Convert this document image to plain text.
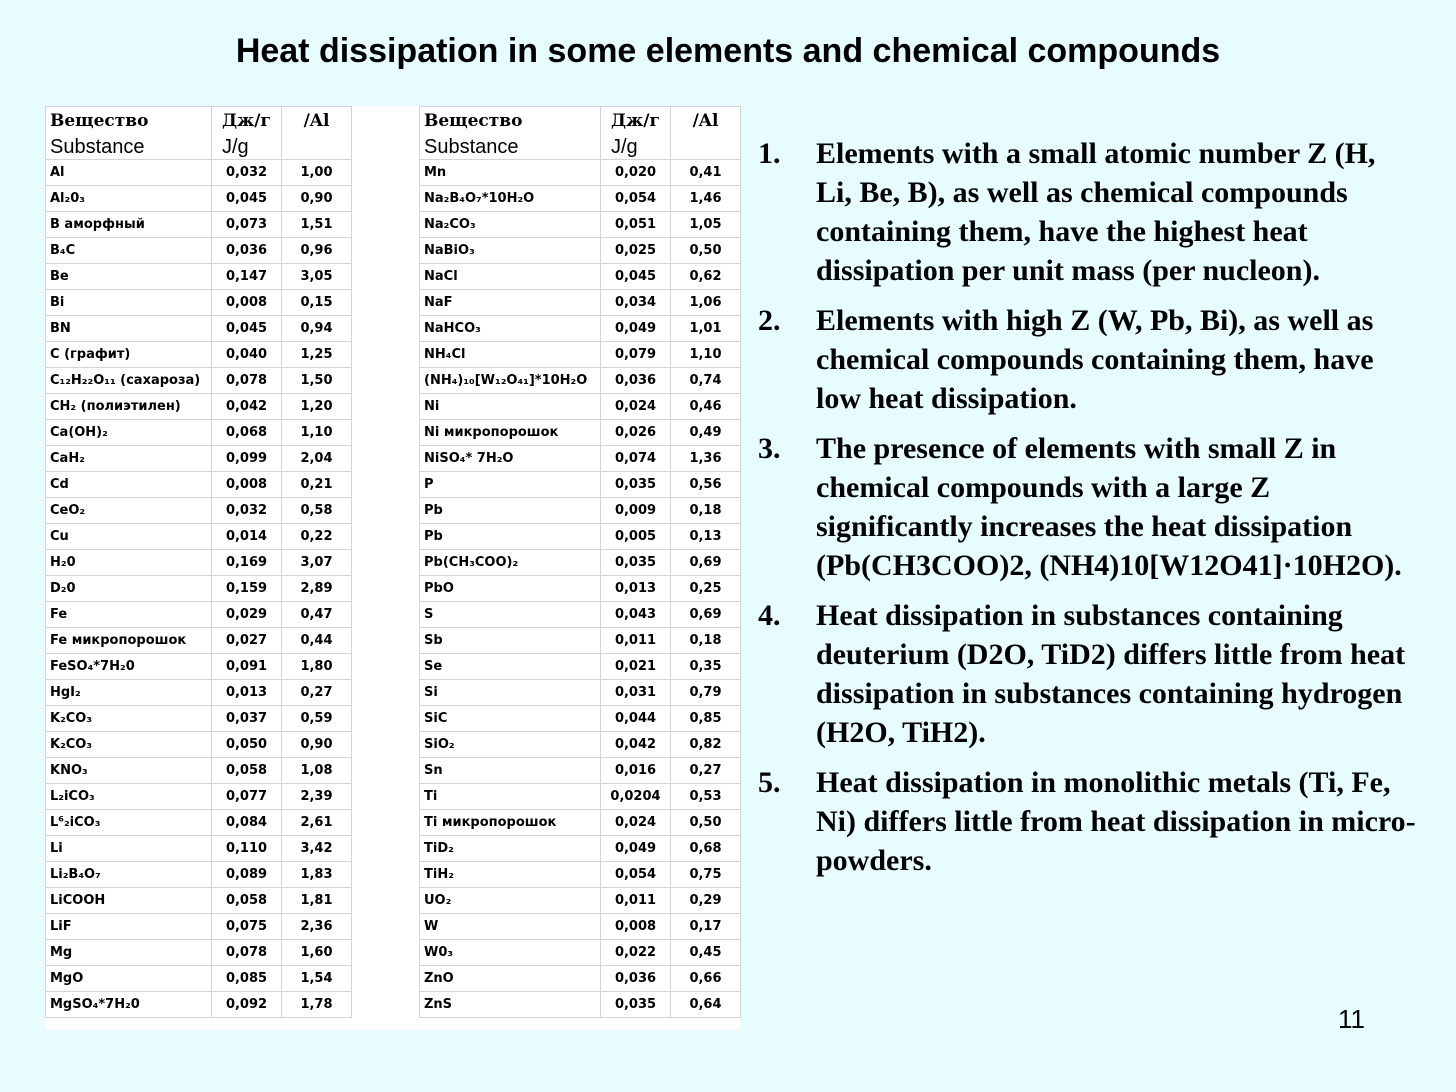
Heat dissipation in some elements and chemical compounds
Вещество	Дж/г	/Al		Вещество	Дж/г	/Al
Substance	J/g			Substance	J/g	
Al	0,032	1,00		Mn	0,020	0,41
Al₂0₃	0,045	0,90		Na₂B₄O₇*10H₂O	0,054	1,46
B аморфный	0,073	1,51		Na₂CO₃	0,051	1,05
B₄C	0,036	0,96		NaBiO₃	0,025	0,50
Be	0,147	3,05		NaCl	0,045	0,62
Bi	0,008	0,15		NaF	0,034	1,06
BN	0,045	0,94		NaHCO₃	0,049	1,01
C (графит)	0,040	1,25		NH₄Cl	0,079	1,10
C₁₂H₂₂O₁₁ (сахароза)	0,078	1,50		(NH₄)₁₀[W₁₂O₄₁]*10H₂O	0,036	0,74
CH₂ (полиэтилен)	0,042	1,20		Ni	0,024	0,46
Ca(OH)₂	0,068	1,10		Ni микропорошок	0,026	0,49
CaH₂	0,099	2,04		NiSO₄* 7H₂O	0,074	1,36
Cd	0,008	0,21		P	0,035	0,56
CeO₂	0,032	0,58		Pb	0,009	0,18
Cu	0,014	0,22		Pb	0,005	0,13
H₂0	0,169	3,07		Pb(CH₃COO)₂	0,035	0,69
D₂0	0,159	2,89		PbO	0,013	0,25
Fe	0,029	0,47		S	0,043	0,69
Fe микропорошок	0,027	0,44		Sb	0,011	0,18
FeSO₄*7H₂0	0,091	1,80		Se	0,021	0,35
HgI₂	0,013	0,27		Si	0,031	0,79
K₂CO₃	0,037	0,59		SiC	0,044	0,85
K₂CO₃	0,050	0,90		SiO₂	0,042	0,82
KNO₃	0,058	1,08		Sn	0,016	0,27
L₂iCO₃	0,077	2,39		Ti	0,0204	0,53
L⁶₂iCO₃	0,084	2,61		Ti микропорошок	0,024	0,50
Li	0,110	3,42		TiD₂	0,049	0,68
Li₂B₄O₇	0,089	1,83		TiH₂	0,054	0,75
LiCOOH	0,058	1,81		UO₂	0,011	0,29
LiF	0,075	2,36		W	0,008	0,17
Mg	0,078	1,60		W0₃	0,022	0,45
MgO	0,085	1,54		ZnO	0,036	0,66
MgSO₄*7H₂0	0,092	1,78		ZnS	0,035	0,64
1. Elements with a small atomic number Z (H, Li, Be, B), as well as chemical compounds containing them, have the highest heat dissipation per unit mass (per nucleon).
2. Elements with high Z (W, Pb, Bi), as well as chemical compounds containing them, have low heat dissipation.
3. The presence of elements with small Z in chemical compounds with a large Z significantly increases the heat dissipation (Pb(CH3COO)2, (NH4)10[W12O41]·10H2O).
4. Heat dissipation in substances containing deuterium (D2O, TiD2) differs little from heat dissipation in substances containing hydrogen (H2O, TiH2).
5. Heat dissipation in monolithic metals (Ti, Fe, Ni) differs little from heat dissipation in micro-powders.
11
